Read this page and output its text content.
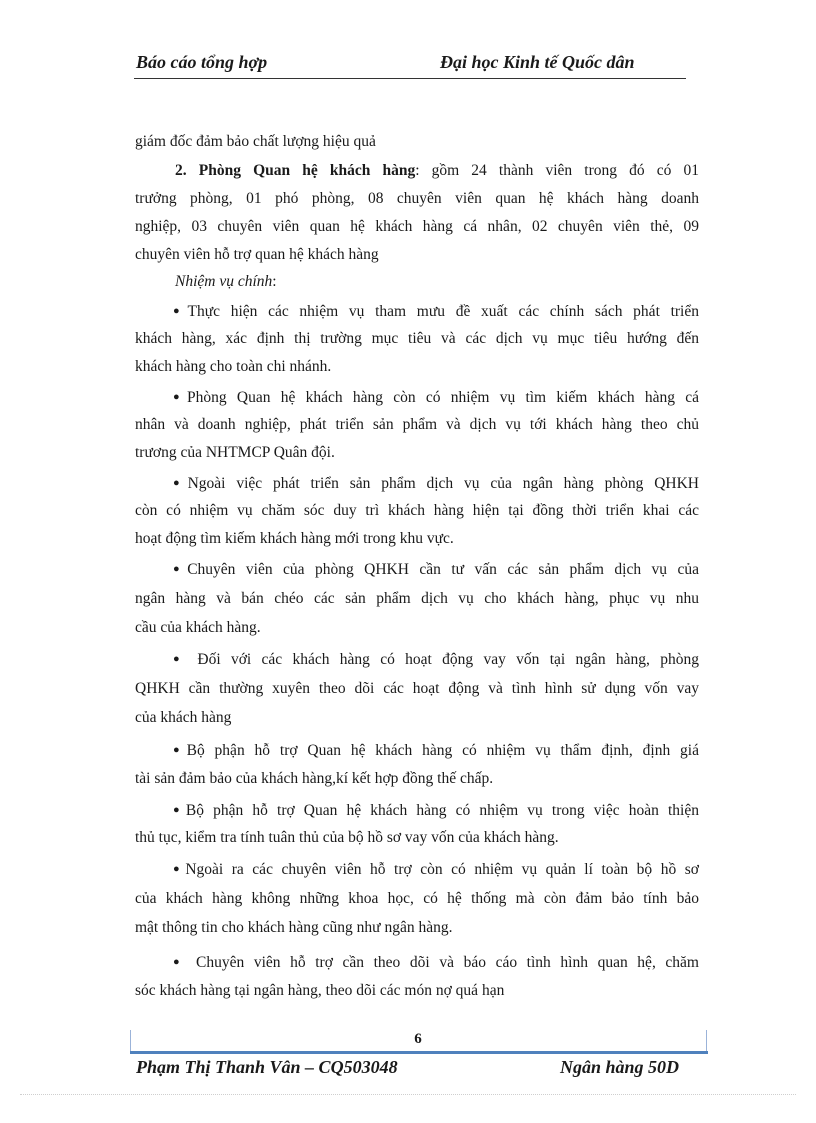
Báo cáo tổng hợp	Đại học Kinh tế Quốc dân
giám đốc đảm bảo chất lượng hiệu quả
2. Phòng Quan hệ khách hàng: gồm 24 thành viên trong đó có 01
trưởng phòng, 01 phó phòng, 08 chuyên viên quan hệ khách hàng doanh
nghiệp, 03 chuyên viên quan hệ khách hàng cá nhân, 02 chuyên viên thẻ, 09
chuyên viên hỗ trợ quan hệ khách hàng
Nhiệm vụ chính:
●Thực hiện các nhiệm vụ tham mưu đề xuất các chính sách phát triển
khách hàng, xác định thị trường mục tiêu và các dịch vụ mục tiêu hướng đến
khách hàng cho toàn chi nhánh.
●Phòng Quan hệ khách hàng còn có nhiệm vụ tìm kiếm khách hàng cá
nhân và doanh nghiệp, phát triển sản phẩm và dịch vụ tới khách hàng theo chủ
trương của NHTMCP Quân đội.
●Ngoài việc phát triển sản phẩm dịch vụ của ngân hàng phòng QHKH
còn có nhiệm vụ chăm sóc duy trì khách hàng hiện tại đồng thời triển khai các
hoạt động tìm kiếm khách hàng mới trong khu vực.
●Chuyên viên của phòng QHKH cần tư vấn các sản phẩm dịch vụ của
ngân hàng và bán chéo các sản phẩm dịch vụ cho khách hàng, phục vụ nhu
cầu của khách hàng.
● Đối với các khách hàng có hoạt động vay vốn tại ngân hàng, phòng
QHKH cần thường xuyên theo dõi các hoạt động và tình hình sử dụng vốn vay
của khách hàng
●Bộ phận hỗ trợ Quan hệ khách hàng có nhiệm vụ thẩm định, định giá
tài sản đảm bảo của khách hàng,kí kết hợp đồng thế chấp.
●Bộ phận hỗ trợ Quan hệ khách hàng có nhiệm vụ trong việc hoàn thiện
thủ tục, kiểm tra tính tuân thủ của bộ hồ sơ vay vốn của khách hàng.
●Ngoài ra các chuyên viên hỗ trợ còn có nhiệm vụ quản lí toàn bộ hồ sơ
của khách hàng không những khoa học, có hệ thống mà còn đảm bảo tính bảo
mật thông tin cho khách hàng cũng như ngân hàng.
● Chuyên viên hỗ trợ cần theo dõi và báo cáo tình hình quan hệ, chăm
sóc khách hàng tại ngân hàng, theo dõi các món nợ quá hạn
6
Phạm Thị Thanh Vân – CQ503048	Ngân hàng 50D
